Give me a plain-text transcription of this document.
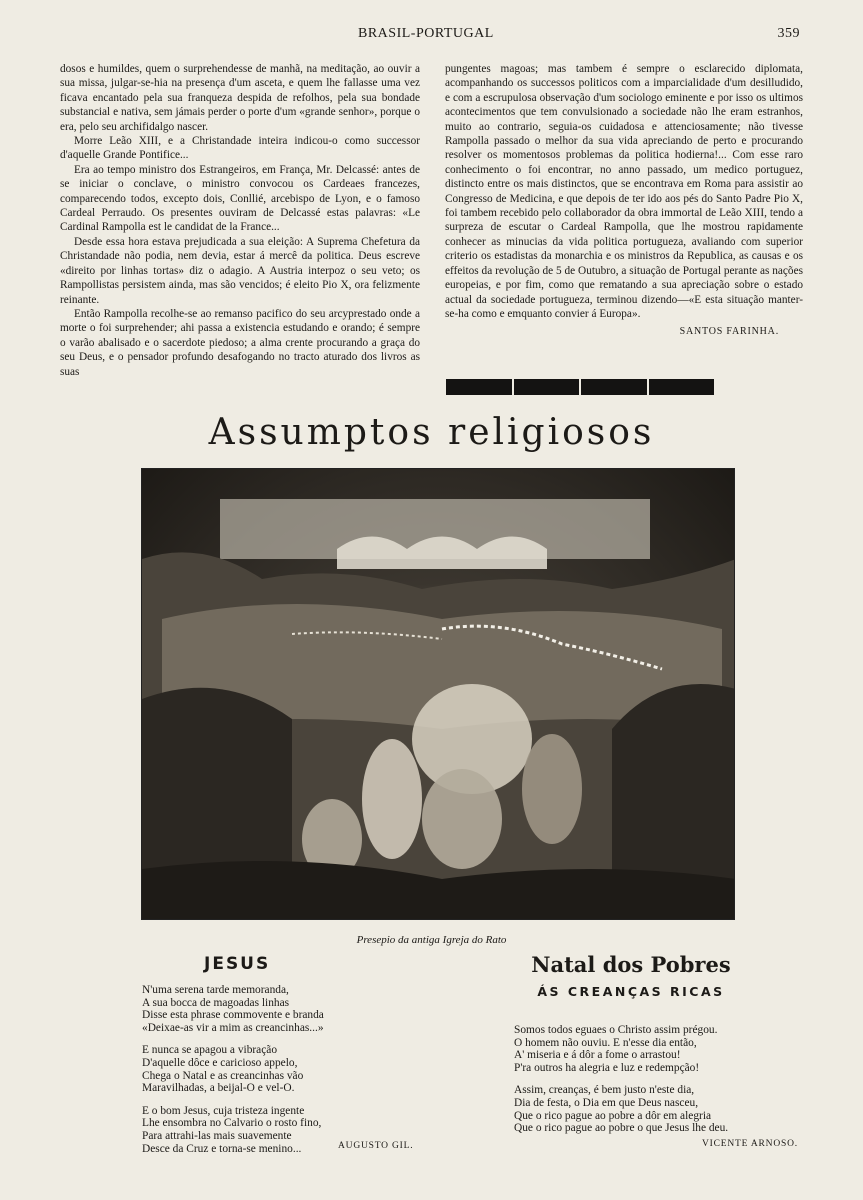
BRASIL-PORTUGAL	359

dosos e humildes, quem o surprehendesse de manhã, na meditação, ao ouvir a sua missa, julgar-se-hia na presença d'um asceta, e quem lhe fallasse uma vez ficava encantado pela sua franqueza despida de refolhos, pela sua bondade substancial e nativa, sem jámais perder o porte d'um «grande senhor», porque o era, pelo seu archifidalgo nascer.

Morre Leão XIII, e a Christandade inteira indicou-o como successor d'aquelle Grande Pontifice...

Era ao tempo ministro dos Estrangeiros, em França, Mr. Delcassé: antes de se iniciar o conclave, o ministro convocou os Cardeaes francezes, comparecendo todos, excepto dois, Conllié, arcebispo de Lyon, e o famoso Cardeal Perraudo. Os presentes ouviram de Delcassé estas palavras: «Le Cardinal Rampolla est le candidat de la France...

Desde essa hora estava prejudicada a sua eleição: A Suprema Chefetura da Christandade não podia, nem devia, estar á mercê da politica. Deus escreve «direito por linhas tortas» diz o adagio. A Austria interpoz o seu veto; os Rampollistas persistem ainda, mas são vencidos; é eleito Pio X, ora felizmente reinante.

Então Rampolla recolhe-se ao remanso pacifico do seu arcyprestado onde a morte o foi surprehender; ahi passa a existencia estudando e orando; é sempre o varão abalisado e o sacerdote piedoso; a alma crente procurando a graça do seu Deus, e o pensador profundo desafogando no tracto aturado dos livros as suas

pungentes magoas; mas tambem é sempre o esclarecido diplomata, acompanhando os successos politicos com a imparcialidade d'um desilludido, e com a escrupulosa observação d'um sociologo eminente e por isso os ultimos acontecimentos que tem convulsionado a sociedade não lhe eram estranhos, muito ao contrario, seguia-os cuidadosa e attenciosamente; não tivesse Rampolla passado o melhor da sua vida apreciando de perto e procurando resolver os momentosos problemas da politica hodierna!... Com esse raro conhecimento o foi encontrar, no anno passado, um medico portuguez, distincto entre os mais distinctos, que se encontrava em Roma para assistir ao Congresso de Medicina, e que depois de ter ido aos pés do Santo Padre Pio X, foi tambem recebido pelo collaborador da obra immortal de Leão XIII, tendo a surpreza de escutar o Cardeal Rampolla, que lhe mostrou rapidamente conhecer as minucias da vida politica portugueza, avaliando com superior criterio os estadistas da monarchia e os ministros da Republica, as causas e os effeitos da revolução de 5 de Outubro, a situação de Portugal perante as nações europeias, e por fim, como que rematando a sua apreciação sobre o estado actual da sociedade portugueza, terminou dizendo—«E esta situação manter-se-ha como e emquanto convier á Europa».

SANTOS FARINHA.
Assumptos religiosos
Presepio da antiga Igreja do Rato
JESUS
N'uma serena tarde memoranda,
A sua bocca de magoadas linhas
Disse esta phrase commovente e branda
«Deixae-as vir a mim as creancinhas...»
E nunca se apagou a vibração
D'aquelle dôce e caricioso appelo,
Chega o Natal e as creancinhas vão
Maravilhadas, a beijal-O e vel-O.
E o bom Jesus, cuja tristeza ingente
Lhe ensombra no Calvario o rosto fino,
Para attrahi-las mais suavemente
Desce da Cruz e torna-se menino...	AUGUSTO GIL.
Natal dos Pobres
ÁS CREANÇAS RICAS
Somos todos eguaes o Christo assim prégou.
O homem não ouviu. E n'esse dia então,
A' miseria e á dôr a fome o arrastou!
P'ra outros ha alegria e luz e redempção!
Assim, creanças, é bem justo n'este dia,
Dia de festa, o Dia em que Deus nasceu,
Que o rico pague ao pobre a dôr em alegria
Que o rico pague ao pobre o que Jesus lhe deu.
VICENTE ARNOSO.
